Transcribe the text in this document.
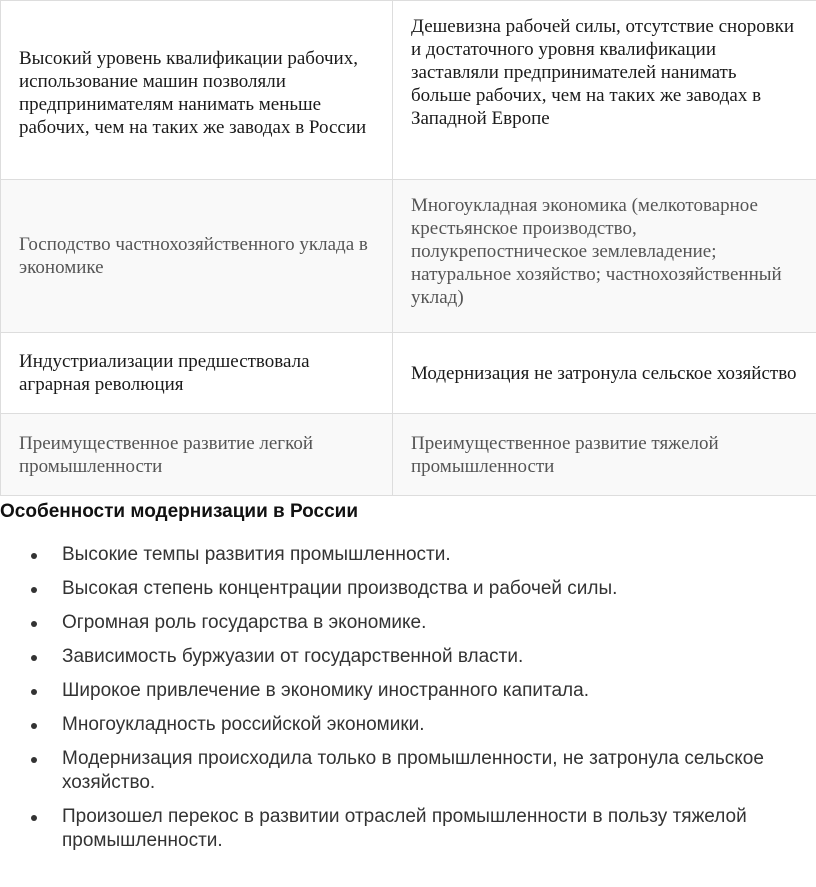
Высокий уровень квалификации рабочих, использование машин позволяли предпринимателям нанимать меньше рабочих, чем на таких же заводах в России	Дешевизна рабочей силы, отсутствие сноровки и достаточного уровня квалификации заставляли предпринимателей нанимать больше рабочих, чем на таких же заводах в Западной Европе
Господство частнохозяйственного уклада в экономике	Многоукладная экономика (мелкотоварное крестьянское производство, полукрепостническое землевладение; натуральное хозяйство; частнохозяйственный уклад)
Индустриализации предшествовала аграрная революция	Модернизация не затронула сельское хозяйство
Преимущественное развитие легкой промышленности	Преимущественное развитие тяжелой промышленности
Особенности модернизации в России
Высокие темпы развития промышленности.
Высокая степень концентрации производства и рабочей силы.
Огромная роль государства в экономике.
Зависимость буржуазии от государственной власти.
Широкое привлечение в экономику иностранного капитала.
Многоукладность российской экономики.
Модернизация происходила только в промышленности, не затронула сельское хозяйство.
Произошел перекос в развитии отраслей промышленности в пользу тяжелой промышленности.
